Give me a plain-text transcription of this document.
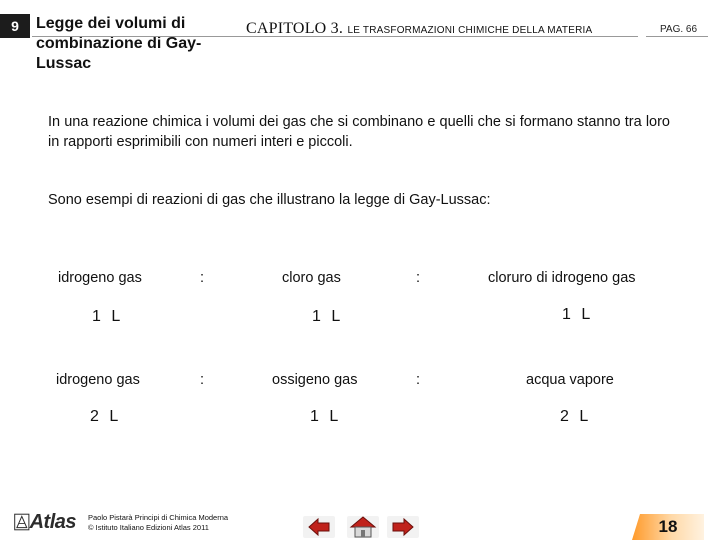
9	Legge dei volumi di combinazione di Gay-Lussac
CAPITOLO 3. LE TRASFORMAZIONI CHIMICHE DELLA MATERIA	PAG. 66
In una reazione chimica i volumi dei gas che si combinano e quelli che si formano stanno tra loro in rapporti esprimibili con numeri interi e piccoli.
Sono esempi di reazioni di gas che illustrano la legge di Gay-Lussac:
idrogeno gas	:	cloro gas	:	cloruro di idrogeno gas
1 L	1 L	1 L
idrogeno gas	:	ossigeno gas	:	acqua vapore
2 L	1 L	2 L
Atlas Paolo Pistarà Principi di Chimica Moderna
© Istituto Italiano Edizioni Atlas 2011	18
